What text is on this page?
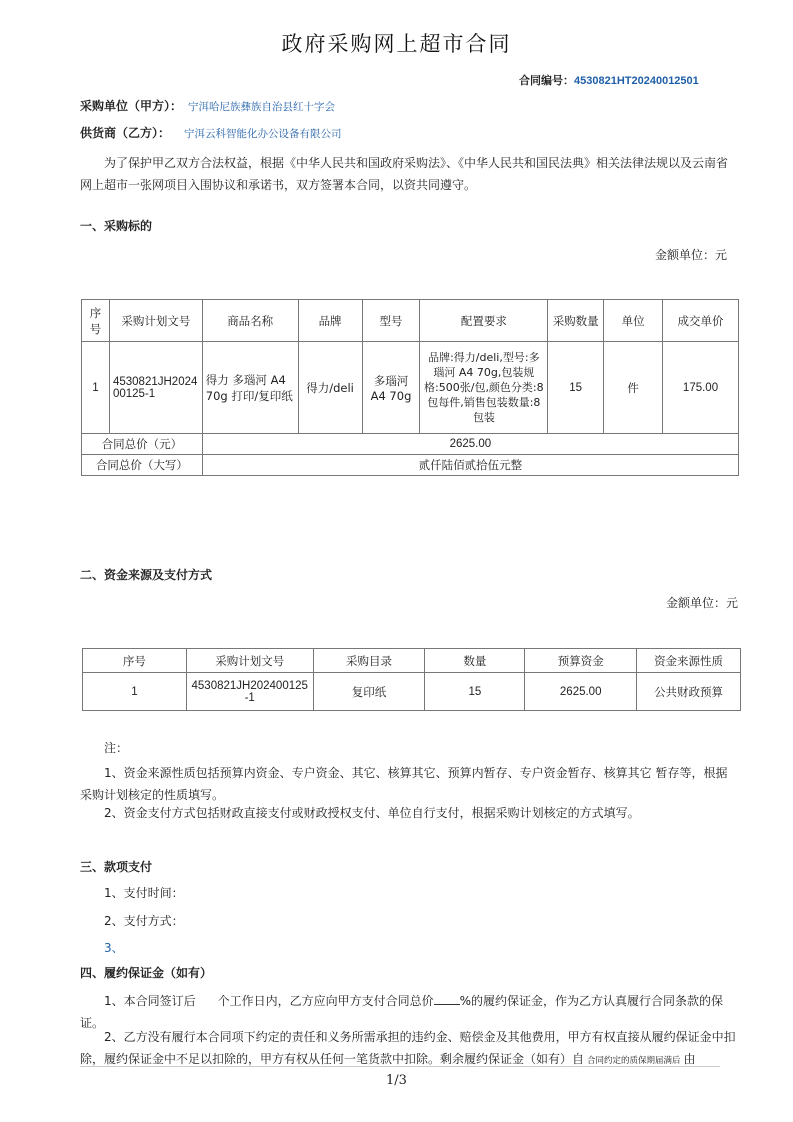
政府采购网上超市合同
合同编号：4530821HT20240012501
采购单位（甲方）： 宁洱哈尼族彝族自治县红十字会
供货商（乙方）： 宁洱云科智能化办公设备有限公司
为了保护甲乙双方合法权益，根据《中华人民共和国政府采购法》、《中华人民共和国民法典》相关法律法规以及云南省网上超市一张网项目入围协议和承诺书，双方签署本合同，以资共同遵守。
一、采购标的
金额单位：元
序号	采购计划文号	商品名称	品牌	型号	配置要求	采购数量	单位	成交单价
1	4530821JH202400125-1	得力 多瑙河 A4 70g 打印/复印纸	得力/deli	多瑙河 A4 70g	品牌:得力/deli,型号:多瑙河 A4 70g,包装规格:500张/包,颜色分类:8包每件,销售包装数量:8包装	15	件	175.00
合同总价（元）		2625.00						
合同总价（大写）		贰仟陆佰贰拾伍元整						
二、资金来源及支付方式
金额单位：元
序号	采购计划文号	采购目录	数量	预算资金	资金来源性质
1	4530821JH202400125-1	复印纸	15	2625.00	公共财政预算
注：
1、资金来源性质包括预算内资金、专户资金、其它、核算其它、预算内暂存、专户资金暂存、核算其它 暂存等，根据采购计划核定的性质填写。
2、资金支付方式包括财政直接支付或财政授权支付、单位自行支付，根据采购计划核定的方式填写。
三、款项支付
1、支付时间：
2、支付方式：
3、
四、履约保证金（如有）
1、本合同签订后 个工作日内，乙方应向甲方支付合同总价 %的履约保证金，作为乙方认真履行合同条款的保证。
2、乙方没有履行本合同项下约定的责任和义务所需承担的违约金、赔偿金及其他费用，甲方有权直接从履约保证金中扣除，履约保证金中不足以扣除的，甲方有权从任何一笔货款中扣除。剩余履约保证金（如有）自 合同约定的质保期届满后 由
1/3
